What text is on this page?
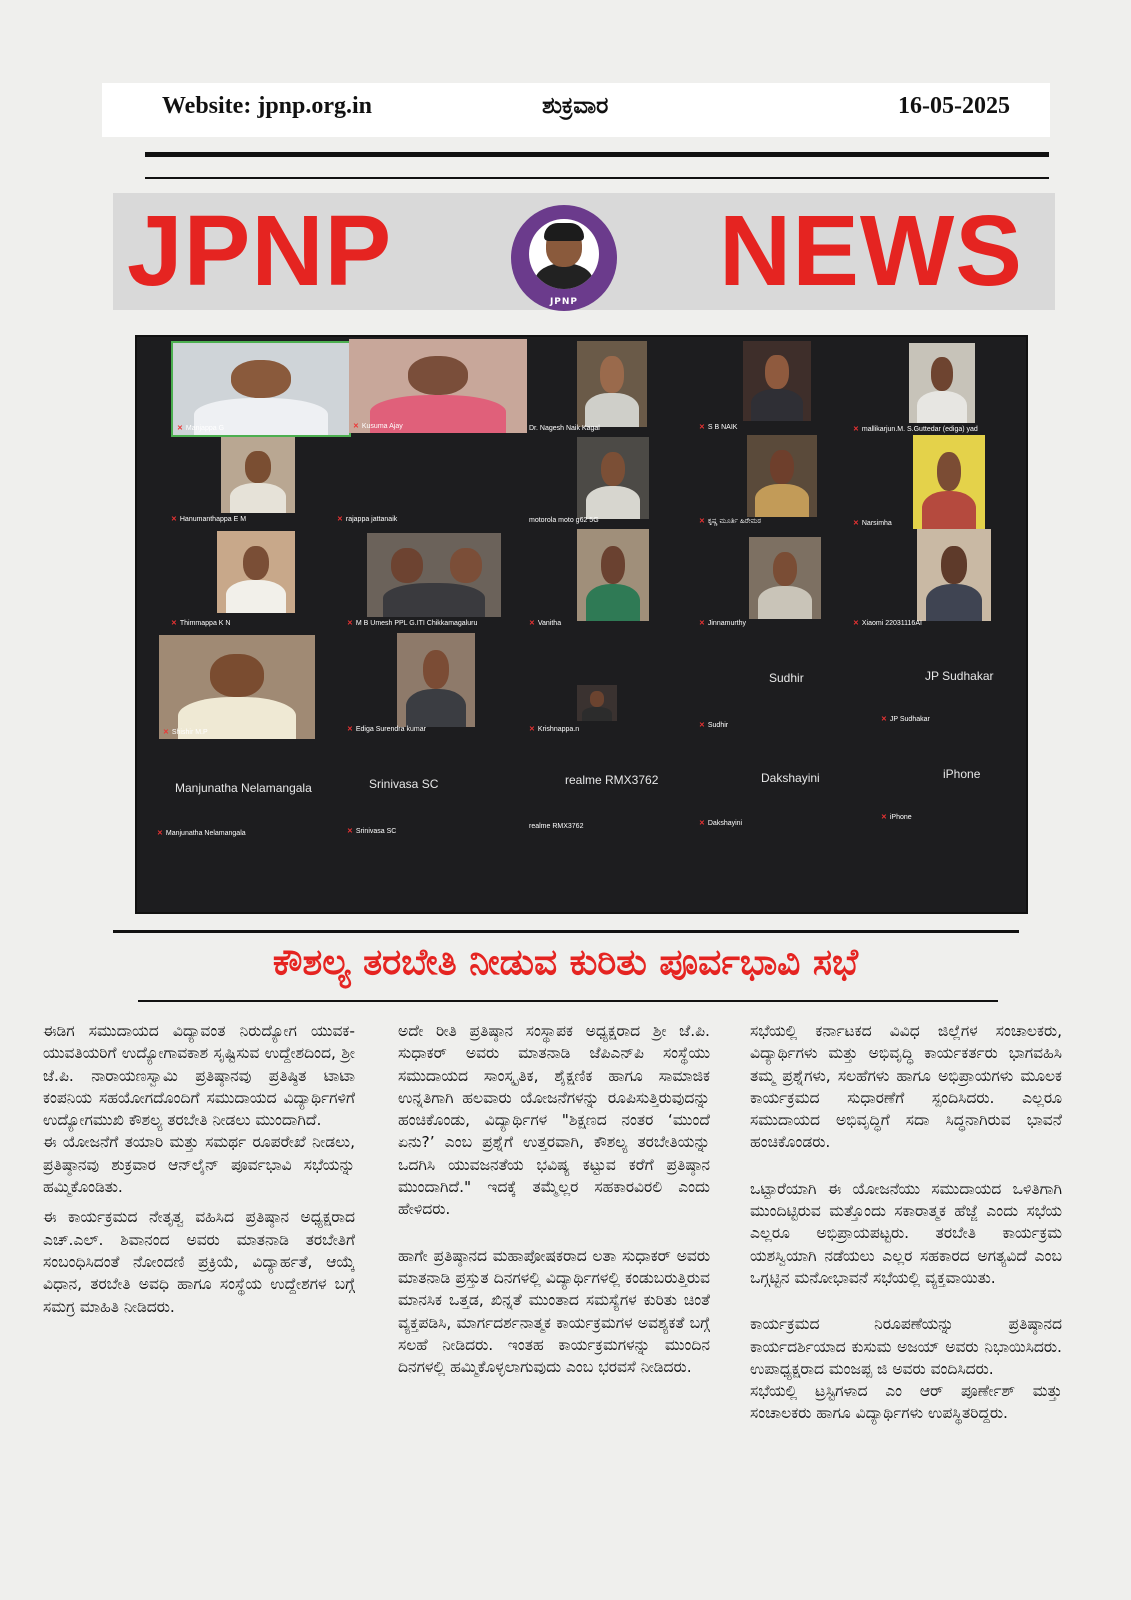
Website: jpnp.org.in	ಶುಕ್ರವಾರ	16-05-2025
JPNP	JPNP	NEWS
✕ Manjappa G	✕ Kusuma Ajay	Dr. Nagesh Naik Kagal	✕ S B NAIK	✕ mallikarjun.M. S.Guttedar (ediga) yad
✕ Hanumanthappa E M	✕ rajappa jattanaik	motorola moto g62 5G	✕ ಕೃಷ್ಣ ಮೂರ್ತಿ ಹಿರೇಮಠ	✕ Narsimha
✕ Thimmappa K N	✕ M B Umesh PPL G.ITI Chikkamagaluru	✕ Vanitha	✕ Jinnamurthy	✕ Xiaomi 22031116AI
✕ Shishir M.P	✕ Ediga Surendra kumar	✕ Krishnappa.n
Sudhir
✕ Sudhir
JP Sudhakar
✕ JP Sudhakar
Manjunatha Nelamangala
✕ Manjunatha Nelamangala
Srinivasa SC
✕ Srinivasa SC
realme RMX3762
realme RMX3762
Dakshayini
✕ Dakshayini
iPhone
✕ iPhone
ಕೌಶಲ್ಯ ತರಬೇತಿ ನೀಡುವ ಕುರಿತು ಪೂರ್ವಭಾವಿ ಸಭೆ

ಈಡಿಗ ಸಮುದಾಯದ ವಿದ್ಯಾವಂತ ನಿರುದ್ಯೋಗ ಯುವಕ-ಯುವತಿಯರಿಗೆ ಉದ್ಯೋಗಾವಕಾಶ ಸೃಷ್ಟಿಸುವ ಉದ್ದೇಶದಿಂದ, ಶ್ರೀ ಜೆ.ಪಿ. ನಾರಾಯಣಸ್ವಾಮಿ ಪ್ರತಿಷ್ಠಾನವು ಪ್ರತಿಷ್ಠಿತ ಟಾಟಾ ಕಂಪನಿಯ ಸಹಯೋಗದೊಂದಿಗೆ ಸಮುದಾಯದ ವಿದ್ಯಾರ್ಥಿಗಳಿಗೆ ಉದ್ಯೋಗಮುಖಿ ಕೌಶಲ್ಯ ತರಬೇತಿ ನೀಡಲು ಮುಂದಾಗಿದೆ.

ಈ ಯೋಜನೆಗೆ ತಯಾರಿ ಮತ್ತು ಸಮರ್ಥ ರೂಪರೇಖೆ ನೀಡಲು, ಪ್ರತಿಷ್ಠಾನವು ಶುಕ್ರವಾರ ಆನ್‌ಲೈನ್ ಪೂರ್ವಭಾವಿ ಸಭೆಯನ್ನು ಹಮ್ಮಿಕೊಂಡಿತು.

ಈ ಕಾರ್ಯಕ್ರಮದ ನೇತೃತ್ವ ವಹಿಸಿದ ಪ್ರತಿಷ್ಠಾನ ಅಧ್ಯಕ್ಷರಾದ ಎಚ್.ಎಲ್. ಶಿವಾನಂದ ಅವರು ಮಾತನಾಡಿ ತರಬೇತಿಗೆ ಸಂಬಂಧಿಸಿದಂತೆ ನೋಂದಣಿ ಪ್ರಕ್ರಿಯೆ, ವಿದ್ಯಾರ್ಹತೆ, ಆಯ್ಕೆ ವಿಧಾನ, ತರಬೇತಿ ಅವಧಿ ಹಾಗೂ ಸಂಸ್ಥೆಯ ಉದ್ದೇಶಗಳ ಬಗ್ಗೆ ಸಮಗ್ರ ಮಾಹಿತಿ ನೀಡಿದರು.

ಅದೇ ರೀತಿ ಪ್ರತಿಷ್ಠಾನ ಸಂಸ್ಥಾಪಕ ಅಧ್ಯಕ್ಷರಾದ ಶ್ರೀ ಜೆ.ಪಿ. ಸುಧಾಕರ್ ಅವರು ಮಾತನಾಡಿ ಜೆಪಿಎನ್‌ಪಿ ಸಂಸ್ಥೆಯು ಸಮುದಾಯದ ಸಾಂಸ್ಕೃತಿಕ, ಶೈಕ್ಷಣಿಕ ಹಾಗೂ ಸಾಮಾಜಿಕ ಉನ್ನತಿಗಾಗಿ ಹಲವಾರು ಯೋಜನೆಗಳನ್ನು ರೂಪಿಸುತ್ತಿರುವುದನ್ನು ಹಂಚಿಕೊಂಡು, ವಿದ್ಯಾರ್ಥಿಗಳ "ಶಿಕ್ಷಣದ ನಂತರ ‘ಮುಂದೆ ಏನು?’ ಎಂಬ ಪ್ರಶ್ನೆಗೆ ಉತ್ತರವಾಗಿ, ಕೌಶಲ್ಯ ತರಬೇತಿಯನ್ನು ಒದಗಿಸಿ ಯುವಜನತೆಯ ಭವಿಷ್ಯ ಕಟ್ಟುವ ಕರೆಗೆ ಪ್ರತಿಷ್ಠಾನ ಮುಂದಾಗಿದೆ." ಇದಕ್ಕೆ ತಮ್ಮೆಲ್ಲರ ಸಹಕಾರವಿರಲಿ ಎಂದು ಹೇಳಿದರು.

ಹಾಗೇ ಪ್ರತಿಷ್ಠಾನದ ಮಹಾಪೋಷಕರಾದ ಲತಾ ಸುಧಾಕರ್ ಅವರು ಮಾತನಾಡಿ ಪ್ರಸ್ತುತ ದಿನಗಳಲ್ಲಿ ವಿದ್ಯಾರ್ಥಿಗಳಲ್ಲಿ ಕಂಡುಬರುತ್ತಿರುವ ಮಾನಸಿಕ ಒತ್ತಡ, ಖಿನ್ನತೆ ಮುಂತಾದ ಸಮಸ್ಯೆಗಳ ಕುರಿತು ಚಿಂತೆ ವ್ಯಕ್ತಪಡಿಸಿ, ಮಾರ್ಗದರ್ಶನಾತ್ಮಕ ಕಾರ್ಯಕ್ರಮಗಳ ಅವಶ್ಯಕತೆ ಬಗ್ಗೆ ಸಲಹೆ ನೀಡಿದರು. ಇಂತಹ ಕಾರ್ಯಕ್ರಮಗಳನ್ನು ಮುಂದಿನ ದಿನಗಳಲ್ಲಿ ಹಮ್ಮಿಕೊಳ್ಳಲಾಗುವುದು ಎಂಬ ಭರವಸೆ ನೀಡಿದರು.

ಸಭೆಯಲ್ಲಿ ಕರ್ನಾಟಕದ ವಿವಿಧ ಜಿಲ್ಲೆಗಳ ಸಂಚಾಲಕರು, ವಿದ್ಯಾರ್ಥಿಗಳು ಮತ್ತು ಅಭಿವೃದ್ಧಿ ಕಾರ್ಯಕರ್ತರು ಭಾಗವಹಿಸಿ ತಮ್ಮ ಪ್ರಶ್ನೆಗಳು, ಸಲಹೆಗಳು ಹಾಗೂ ಅಭಿಪ್ರಾಯಗಳು ಮೂಲಕ ಕಾರ್ಯಕ್ರಮದ ಸುಧಾರಣೆಗೆ ಸ್ಪಂದಿಸಿದರು. ಎಲ್ಲರೂ ಸಮುದಾಯದ ಅಭಿವೃದ್ಧಿಗೆ ಸದಾ ಸಿದ್ಧನಾಗಿರುವ ಭಾವನೆ ಹಂಚಿಕೊಂಡರು.

ಒಟ್ಟಾರೆಯಾಗಿ ಈ ಯೋಜನೆಯು ಸಮುದಾಯದ ಒಳಿತಿಗಾಗಿ ಮುಂದಿಟ್ಟಿರುವ ಮತ್ತೊಂದು ಸಕಾರಾತ್ಮಕ ಹೆಜ್ಜೆ ಎಂದು ಸಭೆಯ ಎಲ್ಲರೂ ಅಭಿಪ್ರಾಯಪಟ್ಟರು. ತರಬೇತಿ ಕಾರ್ಯಕ್ರಮ ಯಶಸ್ವಿಯಾಗಿ ನಡೆಯಲು ಎಲ್ಲರ ಸಹಕಾರದ ಅಗತ್ಯವಿದೆ ಎಂಬ ಒಗ್ಗಟ್ಟಿನ ಮನೋಭಾವನೆ ಸಭೆಯಲ್ಲಿ ವ್ಯಕ್ತವಾಯಿತು.

ಕಾರ್ಯಕ್ರಮದ ನಿರೂಪಣೆಯನ್ನು ಪ್ರತಿಷ್ಠಾನದ ಕಾರ್ಯದರ್ಶಿಯಾದ ಕುಸುಮ ಅಜಯ್ ಅವರು ನಿಭಾಯಿಸಿದರು. ಉಪಾಧ್ಯಕ್ಷರಾದ ಮಂಜಪ್ಪ ಜಿ ಅವರು ವಂದಿಸಿದರು.

ಸಭೆಯಲ್ಲಿ ಟ್ರಸ್ಟಿಗಳಾದ ಎಂ ಆರ್ ಪೂರ್ಣೇಶ್ ಮತ್ತು ಸಂಚಾಲಕರು ಹಾಗೂ ವಿದ್ಯಾರ್ಥಿಗಳು ಉಪಸ್ಥಿತರಿದ್ದರು.
